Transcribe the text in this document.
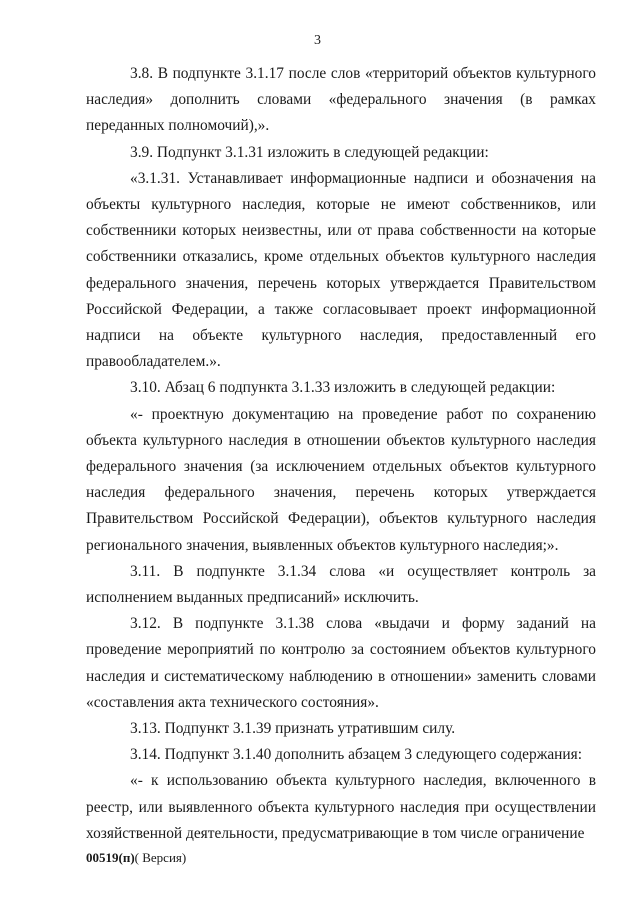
3

3.8. В подпункте 3.1.17 после слов «территорий объектов культурного наследия» дополнить словами «федерального значения (в рамках переданных полномочий),».

3.9. Подпункт 3.1.31 изложить в следующей редакции:

«3.1.31. Устанавливает информационные надписи и обозначения на объекты культурного наследия, которые не имеют собственников, или собственники которых неизвестны, или от права собственности на которые собственники отказались, кроме отдельных объектов культурного наследия федерального значения, перечень которых утверждается Правительством Российской Федерации, а также согласовывает проект информационной надписи на объекте культурного наследия, предоставленный его правообладателем.».

3.10. Абзац 6 подпункта 3.1.33 изложить в следующей редакции:

«- проектную документацию на проведение работ по сохранению объекта культурного наследия в отношении объектов культурного наследия федерального значения (за исключением отдельных объектов культурного наследия федерального значения, перечень которых утверждается Правительством Российской Федерации), объектов культурного наследия регионального значения, выявленных объектов культурного наследия;».

3.11. В подпункте 3.1.34 слова «и осуществляет контроль за исполнением выданных предписаний» исключить.

3.12. В подпункте 3.1.38 слова «выдачи и форму заданий на проведение мероприятий по контролю за состоянием объектов культурного наследия и систематическому наблюдению в отношении» заменить словами «составления акта технического состояния».

3.13. Подпункт 3.1.39 признать утратившим силу.

3.14. Подпункт 3.1.40 дополнить абзацем 3 следующего содержания:

«- к использованию объекта культурного наследия, включенного в реестр, или выявленного объекта культурного наследия при осуществлении хозяйственной деятельности, предусматривающие в том числе ограничение

00519(п)( Версия)
